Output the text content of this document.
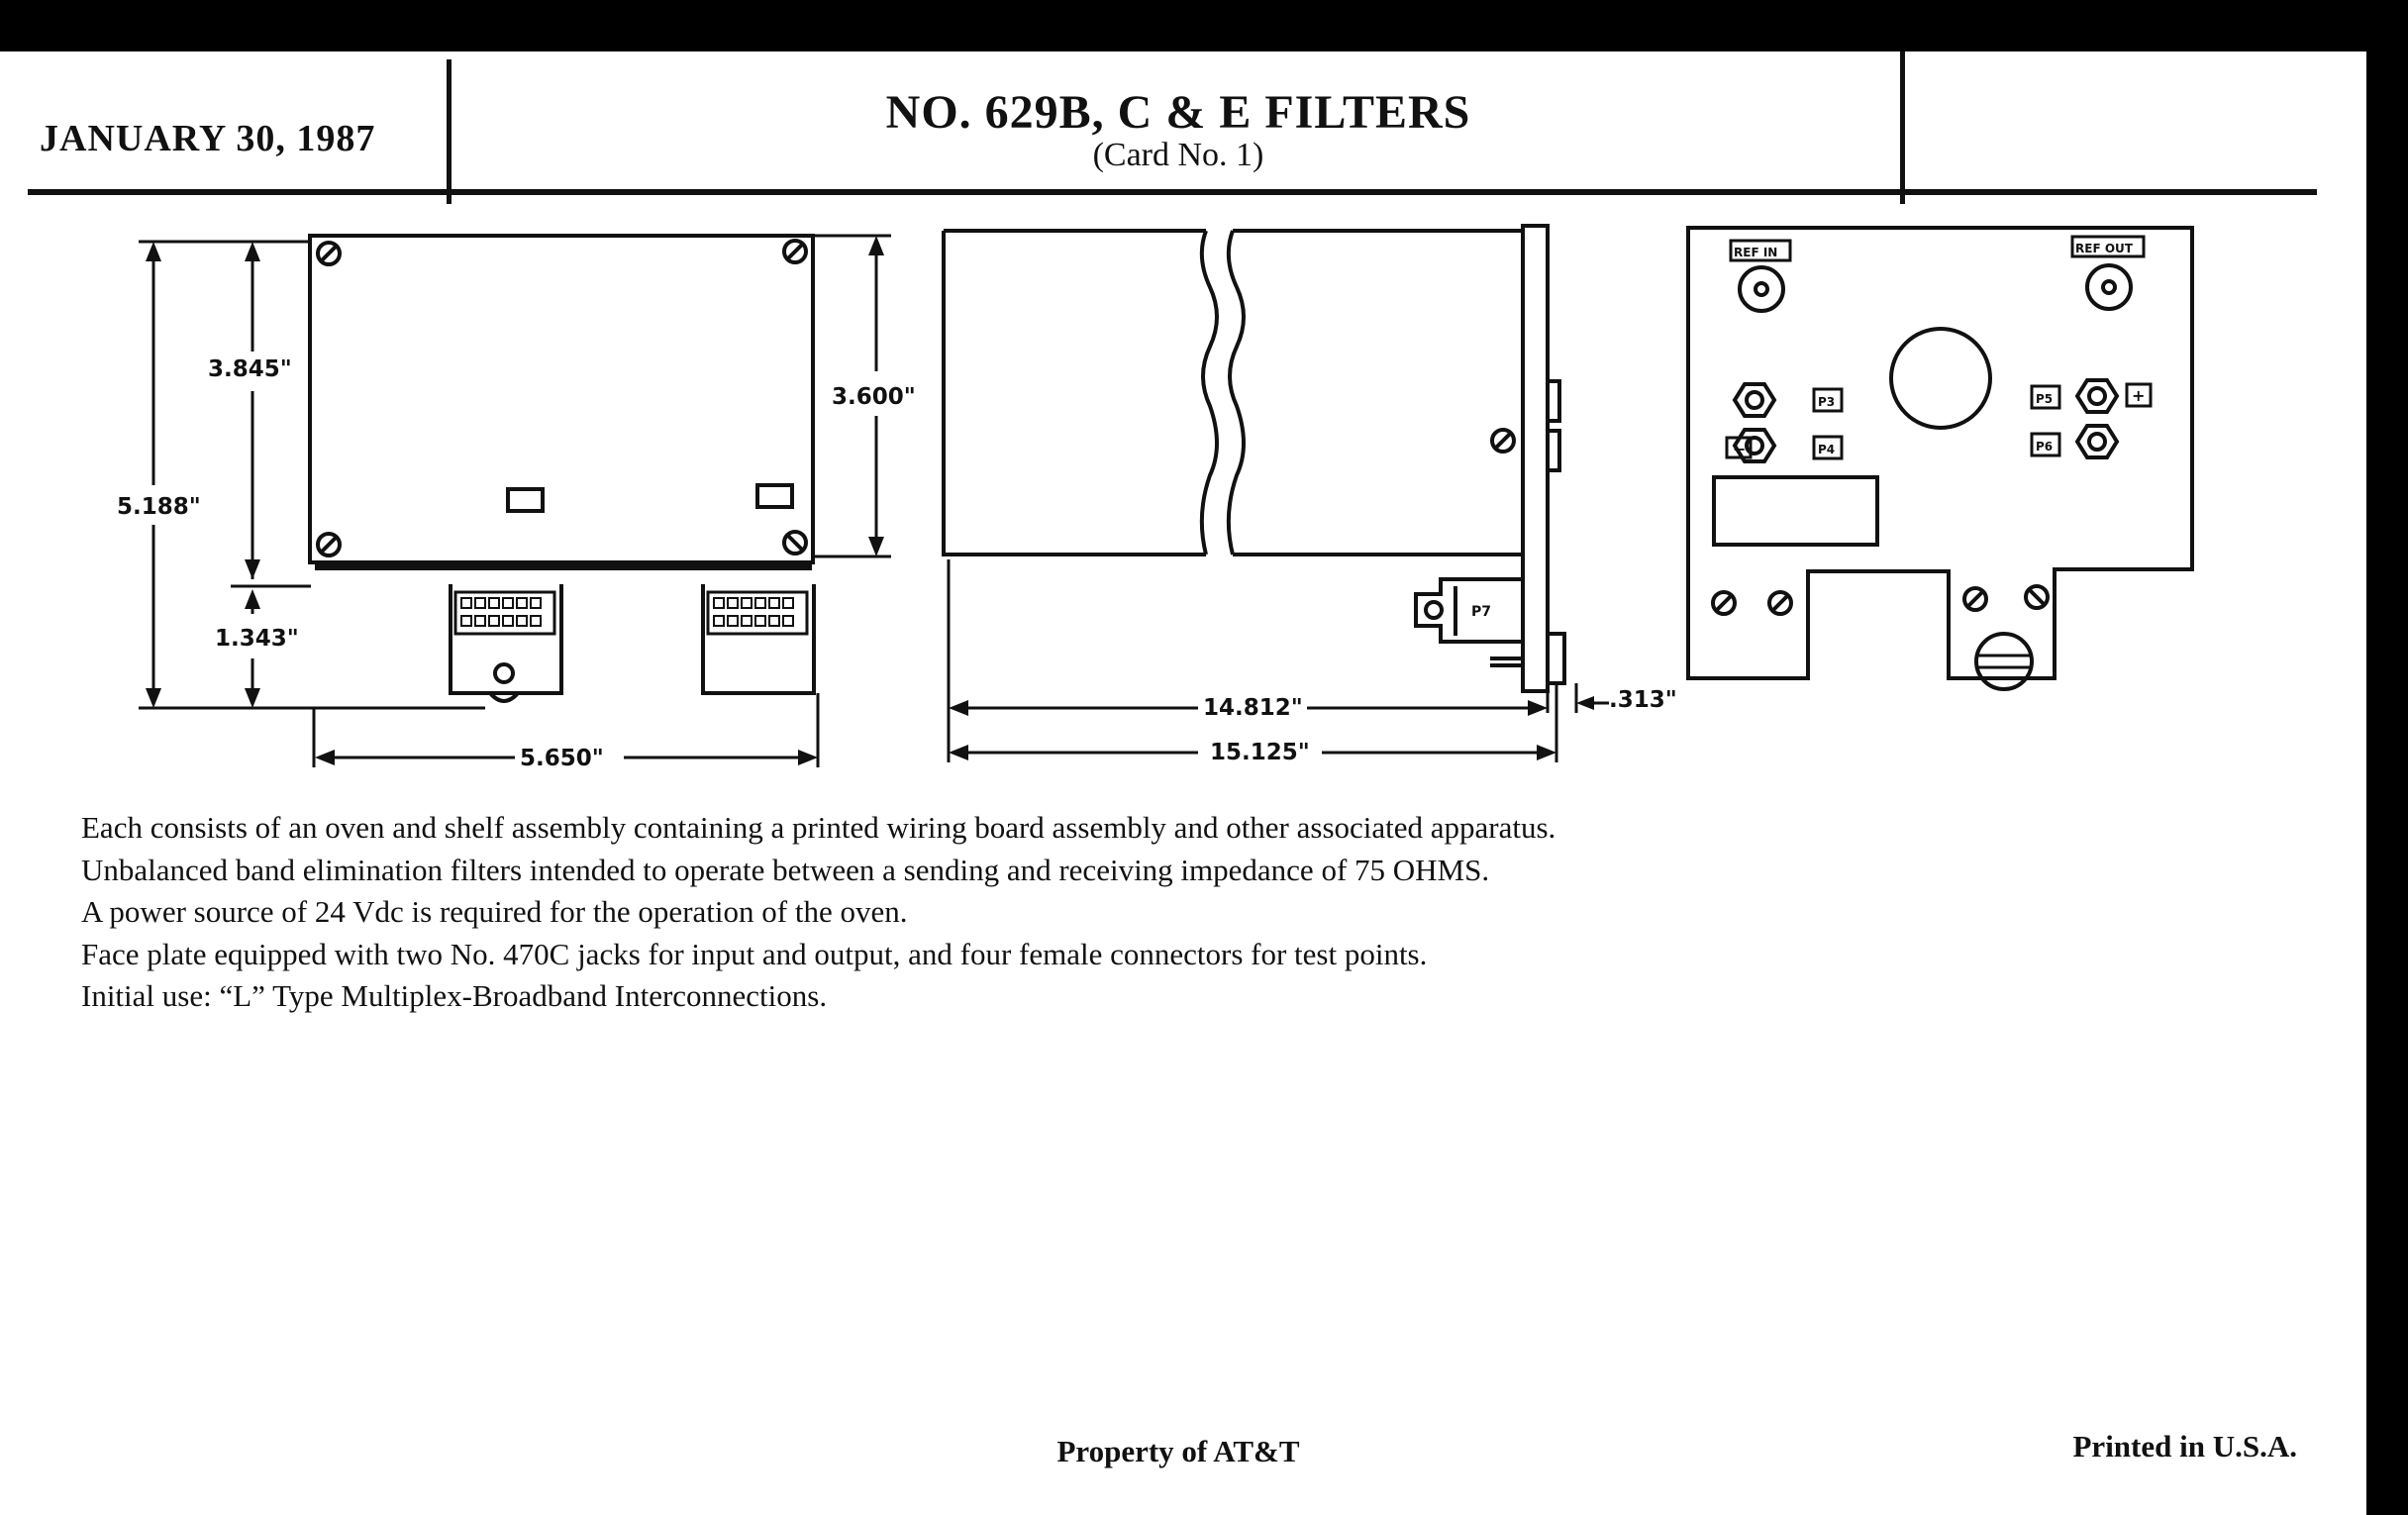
JANUARY 30, 1987	NO. 629B, C & E FILTERS
(Card No. 1)
5.188"
3.845"
1.343"
3.600"
5.650"
14.812"
15.125"
.313"
P7
REF IN	REF OUT
P3
P4
P5
P6
−
+
Each consists of an oven and shelf assembly containing a printed wiring board assembly and other associated apparatus.
Unbalanced band elimination filters intended to operate between a sending and receiving impedance of 75 OHMS.
A power source of 24 Vdc is required for the operation of the oven.
Face plate equipped with two No. 470C jacks for input and output, and four female connectors for test points.
Initial use: “L” Type Multiplex-Broadband Interconnections.
Property of AT&T	Printed in U.S.A.
